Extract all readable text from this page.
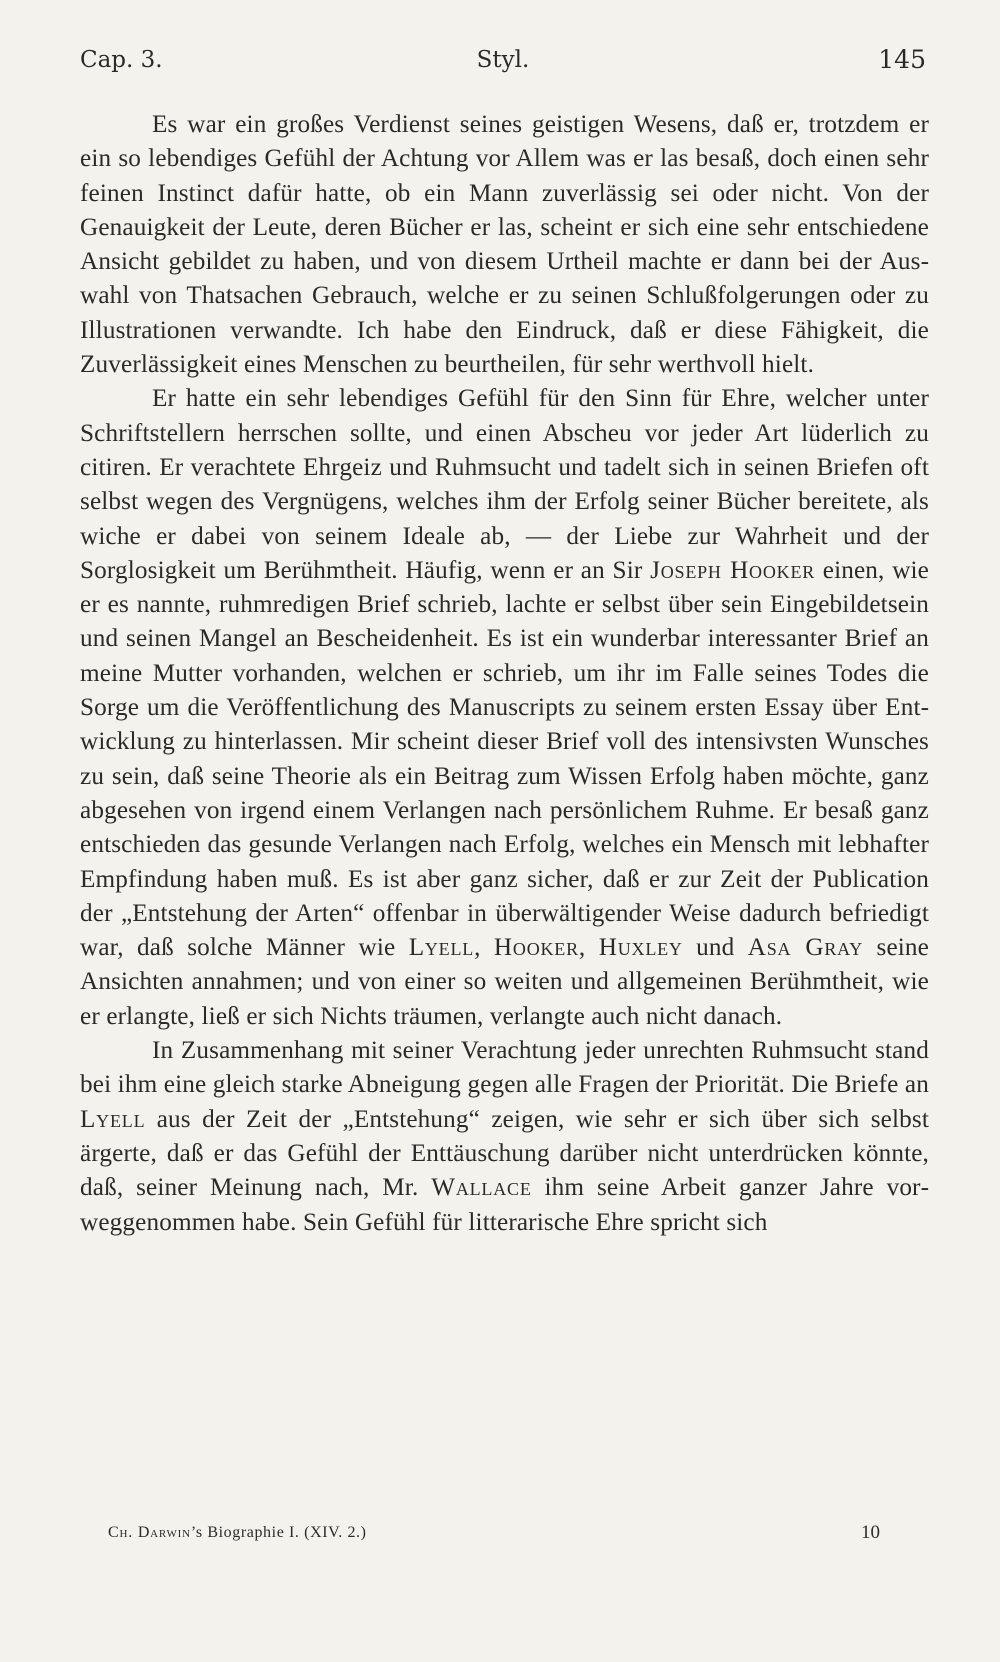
Cap. 3.	Styl.	145

Es war ein großes Verdienst seines geistigen Wesens, daß er, trotzdem er ein so lebendiges Gefühl der Achtung vor Allem was er las besaß, doch einen sehr feinen Instinct dafür hatte, ob ein Mann zuverlässig sei oder nicht. Von der Genauigkeit der Leute, deren Bücher er las, scheint er sich eine sehr entschiedene Ansicht gebildet zu haben, und von diesem Urtheil machte er dann bei der Auswahl von Thatsachen Gebrauch, welche er zu seinen Schlußfolgerungen oder zu Illustrationen verwandte. Ich habe den Eindruck, daß er diese Fähigkeit, die Zuverlässigkeit eines Menschen zu beurtheilen, für sehr werthvoll hielt.

Er hatte ein sehr lebendiges Gefühl für den Sinn für Ehre, welcher unter Schriftstellern herrschen sollte, und einen Abscheu vor jeder Art lüderlich zu citiren. Er verachtete Ehrgeiz und Ruhmsucht und tadelt sich in seinen Briefen oft selbst wegen des Vergnügens, welches ihm der Erfolg seiner Bücher bereitete, als wiche er dabei von seinem Ideale ab, — der Liebe zur Wahrheit und der Sorglosigkeit um Berühmtheit. Häufig, wenn er an Sir Joseph Hooker einen, wie er es nannte, ruhmredigen Brief schrieb, lachte er selbst über sein Eingebildetsein und seinen Mangel an Bescheidenheit. Es ist ein wunderbar interessanter Brief an meine Mutter vorhanden, welchen er schrieb, um ihr im Falle seines Todes die Sorge um die Veröffentlichung des Manuscripts zu seinem ersten Essay über Entwicklung zu hinterlassen. Mir scheint dieser Brief voll des intensivsten Wunsches zu sein, daß seine Theorie als ein Beitrag zum Wissen Erfolg haben möchte, ganz abgesehen von irgend einem Verlangen nach persönlichem Ruhme. Er besaß ganz entschieden das gesunde Verlangen nach Erfolg, welches ein Mensch mit lebhafter Empfindung haben muß. Es ist aber ganz sicher, daß er zur Zeit der Publication der „Entstehung der Arten“ offenbar in überwältigender Weise dadurch befriedigt war, daß solche Männer wie Lyell, Hooker, Huxley und Asa Gray seine Ansichten annahmen; und von einer so weiten und allgemeinen Berühmtheit, wie er erlangte, ließ er sich Nichts träumen, verlangte auch nicht danach.

In Zusammenhang mit seiner Verachtung jeder unrechten Ruhmsucht stand bei ihm eine gleich starke Abneigung gegen alle Fragen der Priorität. Die Briefe an Lyell aus der Zeit der „Entstehung“ zeigen, wie sehr er sich über sich selbst ärgerte, daß er das Gefühl der Enttäuschung darüber nicht unterdrücken könnte, daß, seiner Meinung nach, Mr. Wallace ihm seine Arbeit ganzer Jahre vorweggenommen habe. Sein Gefühl für litterarische Ehre spricht sich

Ch. Darwin’s Biographie I. (XIV. 2.)	10
